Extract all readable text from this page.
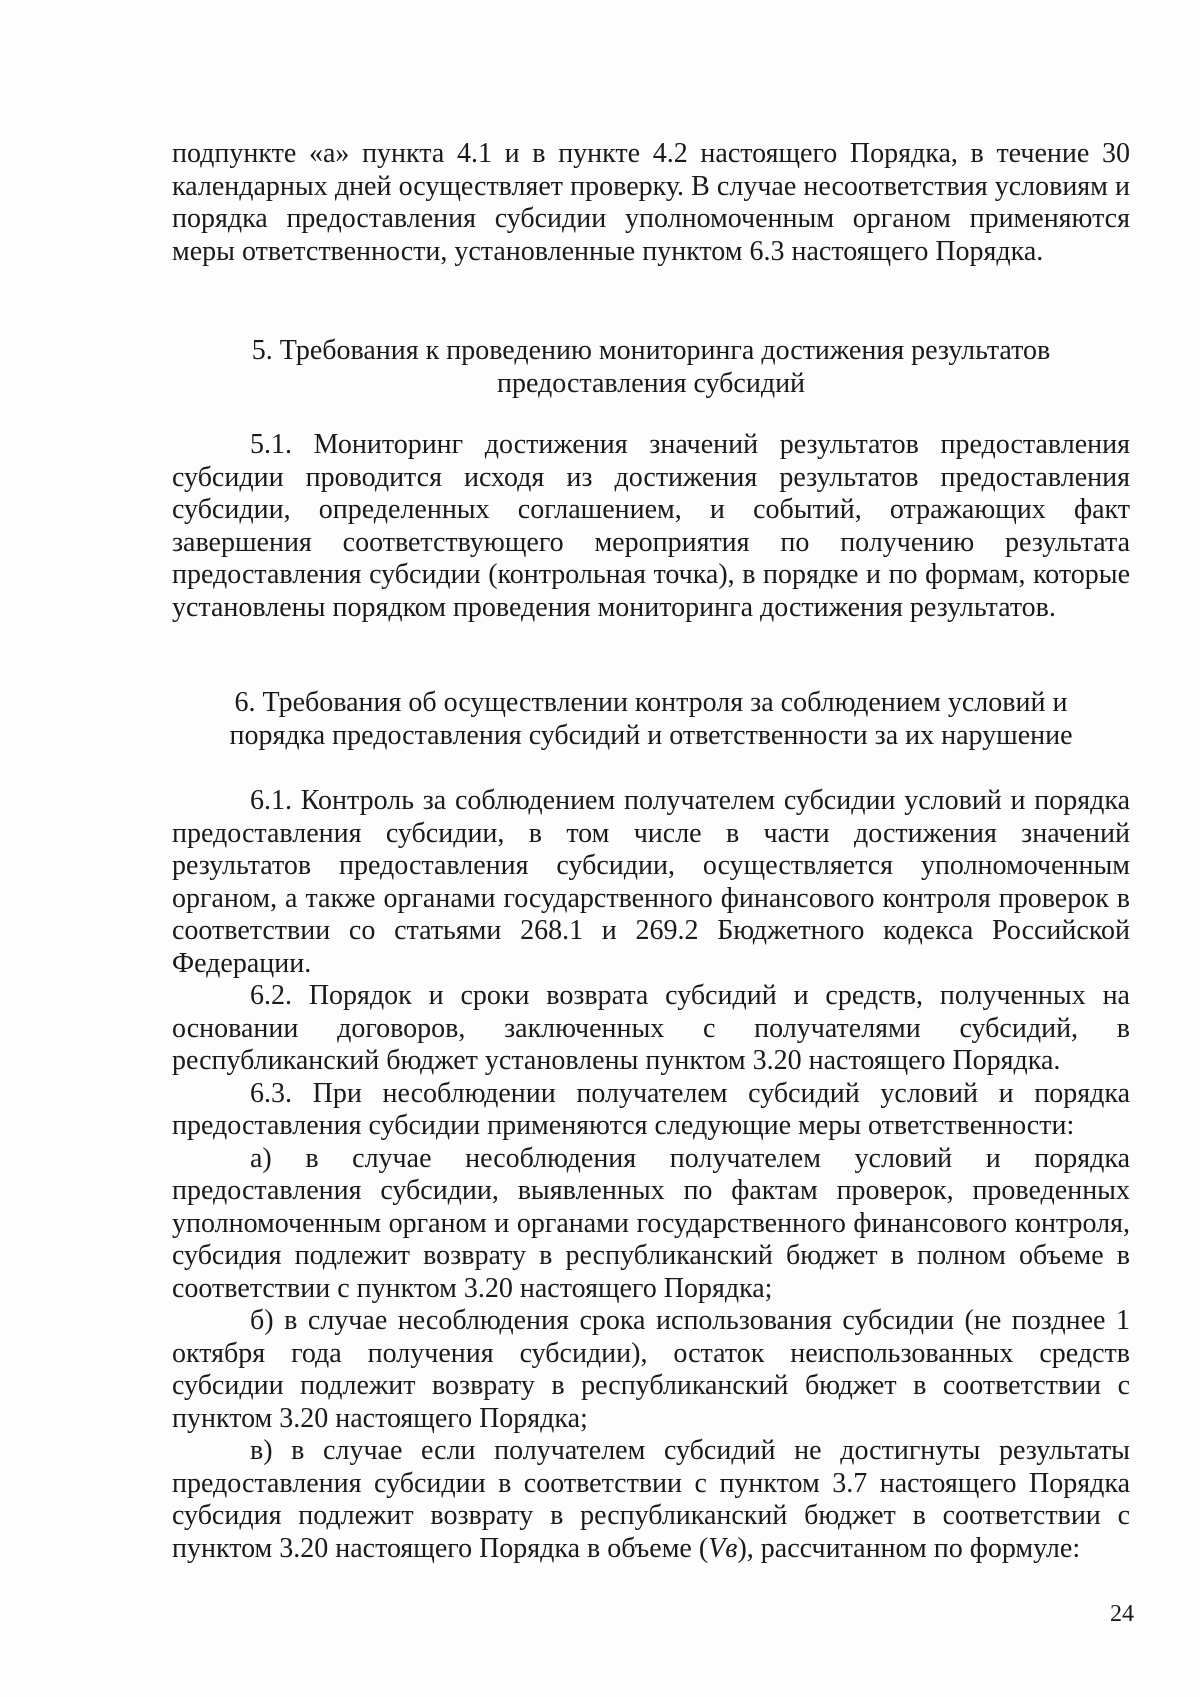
подпункте «а» пункта 4.1 и в пункте 4.2 настоящего Порядка, в течение 30 календарных дней осуществляет проверку. В случае несоответствия условиям и порядка предоставления субсидии уполномоченным органом применяются меры ответственности, установленные пунктом 6.3 настоящего Порядка.

5. Требования к проведению мониторинга достижения результатов

предоставления субсидий

5.1. Мониторинг достижения значений результатов предоставления субсидии проводится исходя из достижения результатов предоставления субсидии, определенных соглашением, и событий, отражающих факт завершения соответствующего мероприятия по получению результата предоставления субсидии (контрольная точка), в порядке и по формам, которые установлены порядком проведения мониторинга достижения результатов.

6. Требования об осуществлении контроля за соблюдением условий и

порядка предоставления субсидий и ответственности за их нарушение

6.1. Контроль за соблюдением получателем субсидии условий и порядка предоставления субсидии, в том числе в части достижения значений результатов предоставления субсидии, осуществляется уполномоченным органом, а также органами государственного финансового контроля проверок в соответствии со статьями 268.1 и 269.2 Бюджетного кодекса Российской Федерации.

6.2. Порядок и сроки возврата субсидий и средств, полученных на основании договоров, заключенных с получателями субсидий, в республиканский бюджет установлены пунктом 3.20 настоящего Порядка.

6.3. При несоблюдении получателем субсидий условий и порядка предоставления субсидии применяются следующие меры ответственности:

а) в случае несоблюдения получателем условий и порядка предоставления субсидии, выявленных по фактам проверок, проведенных уполномоченным органом и органами государственного финансового контроля, субсидия подлежит возврату в республиканский бюджет в полном объеме в соответствии с пунктом 3.20 настоящего Порядка;

б) в случае несоблюдения срока использования субсидии (не позднее 1 октября года получения субсидии), остаток неиспользованных средств субсидии подлежит возврату в республиканский бюджет в соответствии с пунктом 3.20 настоящего Порядка;

в) в случае если получателем субсидий не достигнуты результаты предоставления субсидии в соответствии с пунктом 3.7 настоящего Порядка субсидия подлежит возврату в республиканский бюджет в соответствии с пунктом 3.20 настоящего Порядка в объеме (Vв), рассчитанном по формуле:

24
